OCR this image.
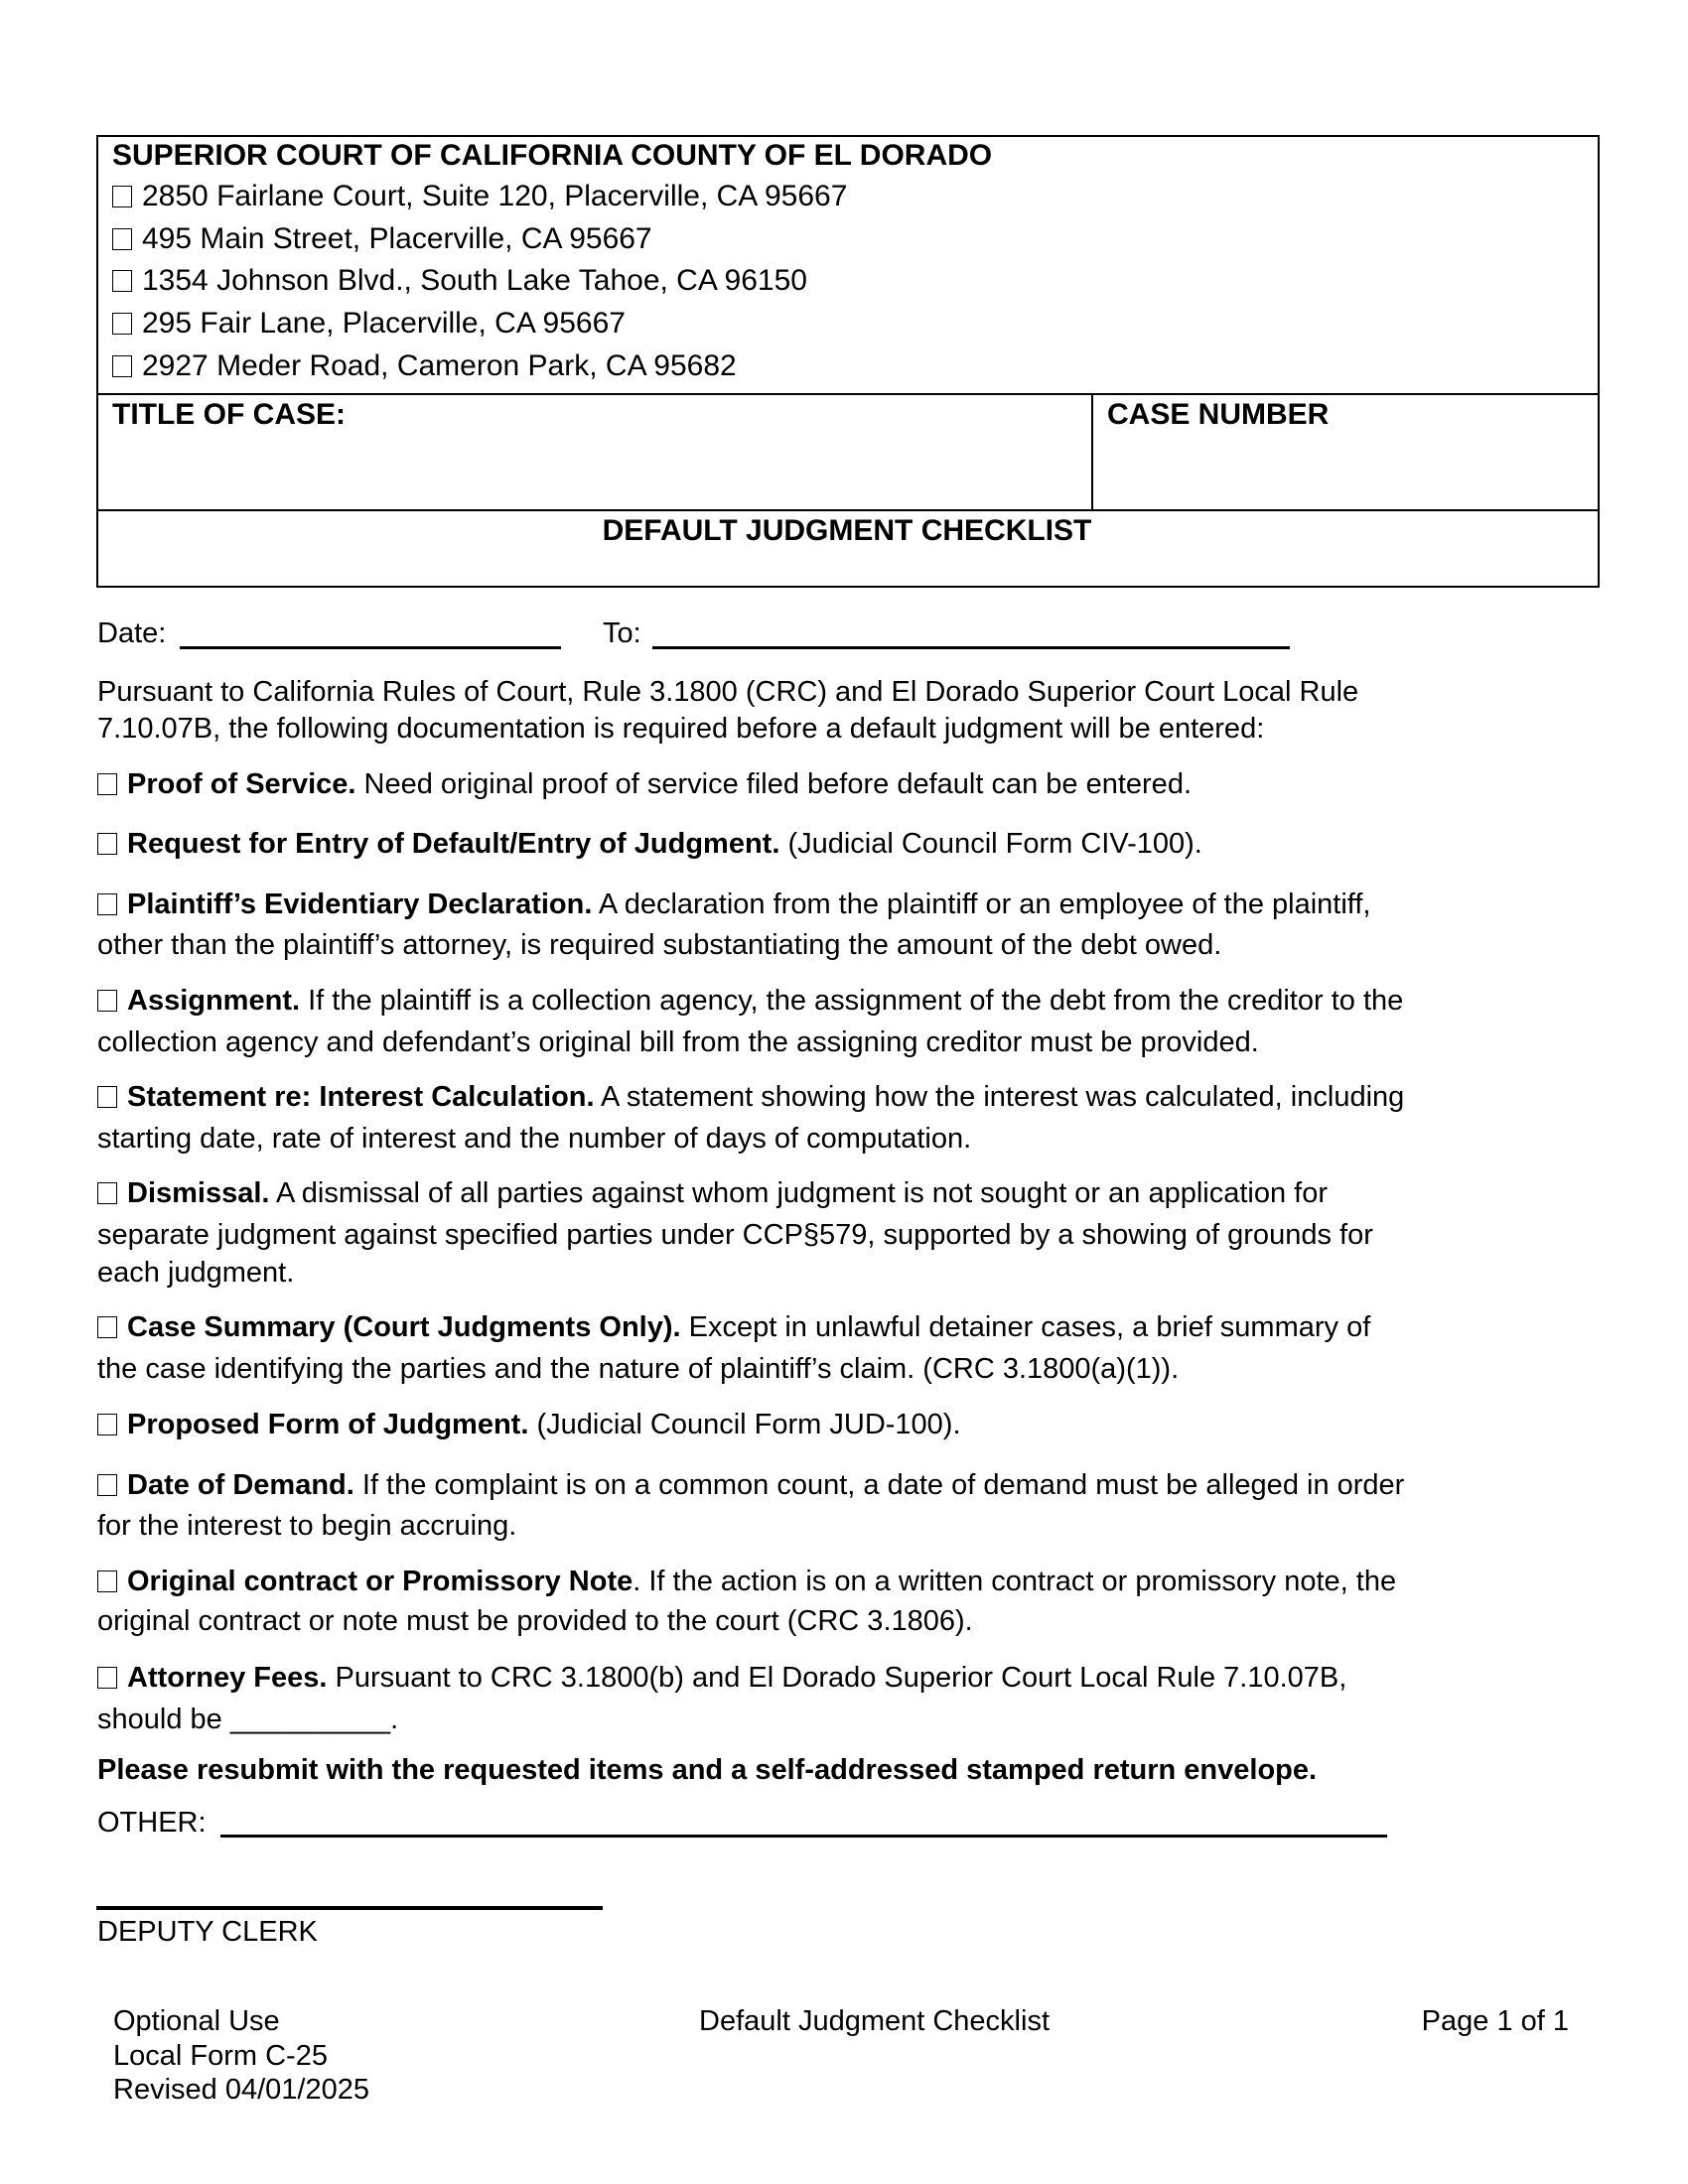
SUPERIOR COURT OF CALIFORNIA COUNTY OF EL DORADO
2850 Fairlane Court, Suite 120, Placerville, CA 95667
495 Main Street, Placerville, CA 95667
1354 Johnson Blvd., South Lake Tahoe, CA 96150
295 Fair Lane, Placerville, CA 95667
2927 Meder Road, Cameron Park, CA 95682
TITLE OF CASE:	CASE NUMBER
DEFAULT JUDGMENT CHECKLIST
Date:	To:
Pursuant to California Rules of Court, Rule 3.1800 (CRC) and El Dorado Superior Court Local Rule
7.10.07B, the following documentation is required before a default judgment will be entered:
Proof of Service. Need original proof of service filed before default can be entered.
Request for Entry of Default/Entry of Judgment. (Judicial Council Form CIV-100).
Plaintiff’s Evidentiary Declaration. A declaration from the plaintiff or an employee of the plaintiff,
other than the plaintiff’s attorney, is required substantiating the amount of the debt owed.
Assignment. If the plaintiff is a collection agency, the assignment of the debt from the creditor to the
collection agency and defendant’s original bill from the assigning creditor must be provided.
Statement re: Interest Calculation. A statement showing how the interest was calculated, including
starting date, rate of interest and the number of days of computation.
Dismissal. A dismissal of all parties against whom judgment is not sought or an application for
separate judgment against specified parties under CCP§579, supported by a showing of grounds for
each judgment.
Case Summary (Court Judgments Only). Except in unlawful detainer cases, a brief summary of
the case identifying the parties and the nature of plaintiff’s claim. (CRC 3.1800(a)(1)).
Proposed Form of Judgment. (Judicial Council Form JUD-100).
Date of Demand. If the complaint is on a common count, a date of demand must be alleged in order
for the interest to begin accruing.
Original contract or Promissory Note. If the action is on a written contract or promissory note, the
original contract or note must be provided to the court (CRC 3.1806).
Attorney Fees. Pursuant to CRC 3.1800(b) and El Dorado Superior Court Local Rule 7.10.07B,
should be __________.
Please resubmit with the requested items and a self-addressed stamped return envelope.
OTHER:
DEPUTY CLERK
Optional Use
Local Form C-25
Revised 04/01/2025
Default Judgment Checklist	Page 1 of 1
